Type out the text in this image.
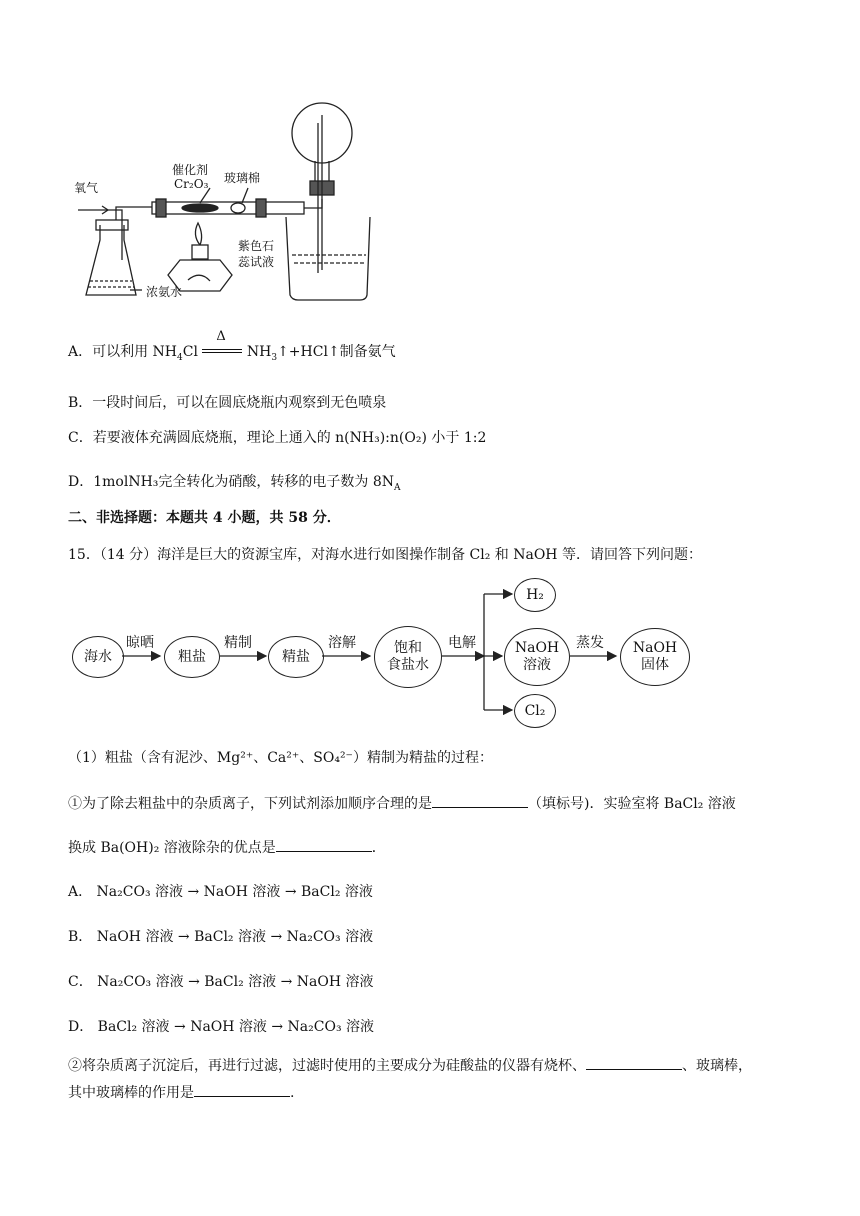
氧气
催化剂
Cr₂O₃ 玻璃棉
紫色石
蕊试液
浓氨水
A．可以利用 $NH_4Cl$
Δ
$NH_3↑+HCl↑$制备氨气
B．一段时间后，可以在圆底烧瓶内观察到无色喷泉
C．若要液体充满圆底烧瓶，理论上通入的 n(NH₃):n(O₂) 小于 1:2
D．1molNH₃完全转化为硝酸，转移的电子数为 $8N_A$
二、非选择题：本题共 4 小题，共 58 分．
15．（14 分）海洋是巨大的资源宝库，对海水进行如图操作制备 Cl₂ 和 NaOH 等．请回答下列问题：
海水	粗盐	精盐
饱和
食盐水
NaOH
溶液
NaOH
固体
H₂
Cl₂
晾晒	精制	溶解	电解	蒸发
（1）粗盐（含有泥沙、Mg²⁺、Ca²⁺、SO₄²⁻）精制为精盐的过程：
①为了除去粗盐中的杂质离子，下列试剂添加顺序合理的是	（填标号)．实验室将 BaCl₂ 溶液
换成 Ba(OH)₂ 溶液除杂的优点是	．
A． Na₂CO₃ 溶液 → NaOH 溶液 → BaCl₂ 溶液
B． NaOH 溶液 → BaCl₂ 溶液 → Na₂CO₃ 溶液
C． Na₂CO₃ 溶液 → BaCl₂ 溶液 → NaOH 溶液
D． BaCl₂ 溶液 → NaOH 溶液 → Na₂CO₃ 溶液
②将杂质离子沉淀后，再进行过滤，过滤时使用的主要成分为硅酸盐的仪器有烧杯、	、玻璃棒，
其中玻璃棒的作用是	.
